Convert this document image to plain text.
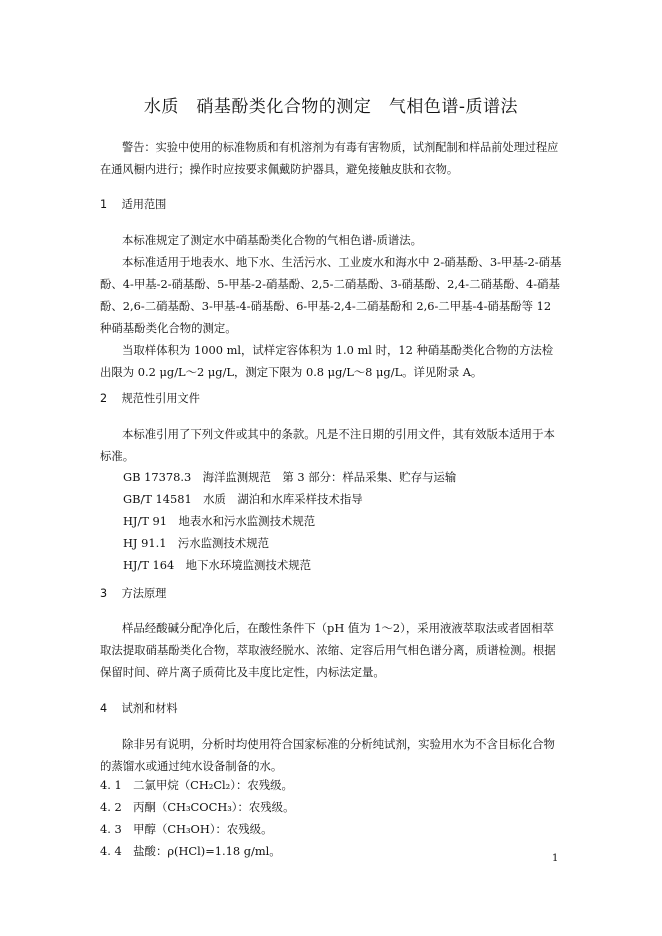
水质　硝基酚类化合物的测定　气相色谱-质谱法
警告：实验中使用的标准物质和有机溶剂为有毒有害物质，试剂配制和样品前处理过程应在通风橱内进行；操作时应按要求佩戴防护器具，避免接触皮肤和衣物。
1 适用范围
本标准规定了测定水中硝基酚类化合物的气相色谱-质谱法。
本标准适用于地表水、地下水、生活污水、工业废水和海水中 2-硝基酚、3-甲基-2-硝基酚、4-甲基-2-硝基酚、5-甲基-2-硝基酚、2,5-二硝基酚、3-硝基酚、2,4-二硝基酚、4-硝基酚、2,6-二硝基酚、3-甲基-4-硝基酚、6-甲基-2,4-二硝基酚和 2,6-二甲基-4-硝基酚等 12 种硝基酚类化合物的测定。
当取样体积为 1000 ml，试样定容体积为 1.0 ml 时，12 种硝基酚类化合物的方法检出限为 0.2 μg/L～2 μg/L，测定下限为 0.8 μg/L～8 μg/L。详见附录 A。
2 规范性引用文件
本标准引用了下列文件或其中的条款。凡是不注日期的引用文件，其有效版本适用于本标准。
GB 17378.3　海洋监测规范　第 3 部分：样品采集、贮存与运输
GB/T 14581　水质　湖泊和水库采样技术指导
HJ/T 91　地表水和污水监测技术规范
HJ 91.1　污水监测技术规范
HJ/T 164　地下水环境监测技术规范
3 方法原理
样品经酸碱分配净化后，在酸性条件下（pH 值为 1～2），采用液液萃取法或者固相萃取法提取硝基酚类化合物，萃取液经脱水、浓缩、定容后用气相色谱分离，质谱检测。根据保留时间、碎片离子质荷比及丰度比定性，内标法定量。
4 试剂和材料
除非另有说明，分析时均使用符合国家标准的分析纯试剂，实验用水为不含目标化合物的蒸馏水或通过纯水设备制备的水。
4. 1　 二氯甲烷（CH₂Cl₂）：农残级。
4. 2　 丙酮（CH₃COCH₃）：农残级。
4. 3　 甲醇（CH₃OH）：农残级。
4. 4　 盐酸：ρ(HCl)=1.18 g/ml。
1
